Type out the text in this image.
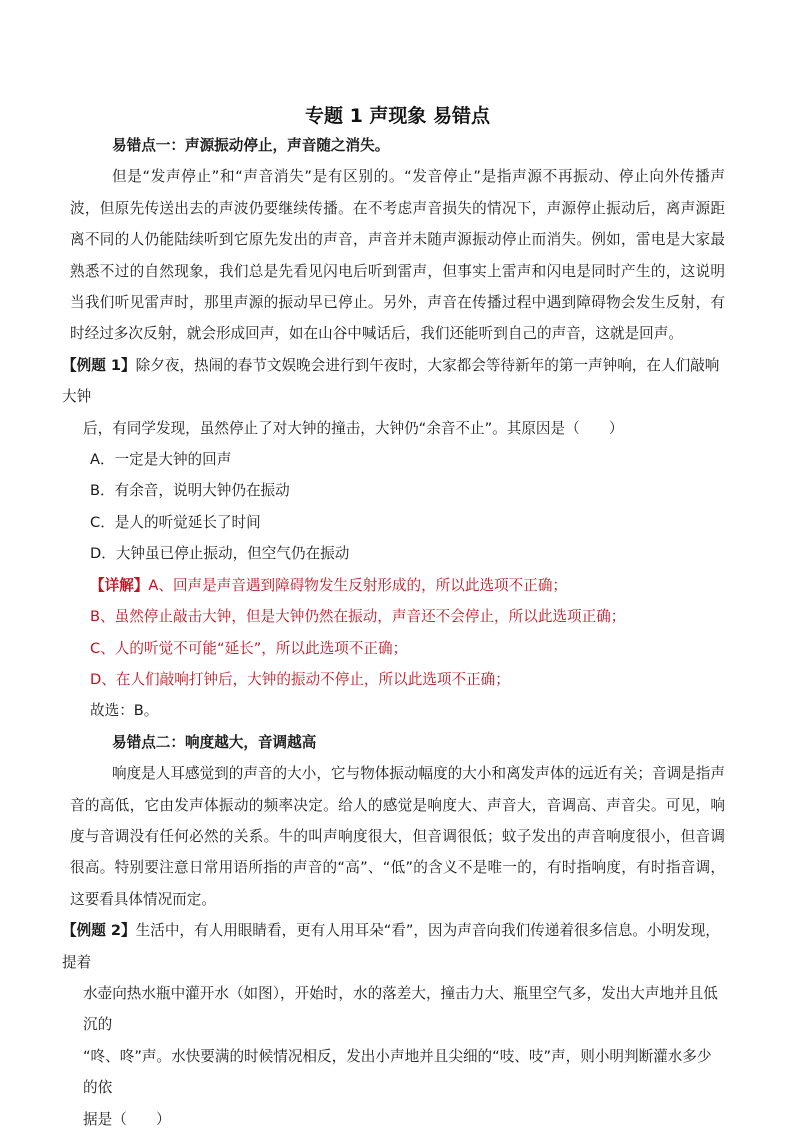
专题 1 声现象 易错点

易错点一：声源振动停止，声音随之消失。

但是“发声停止”和“声音消失”是有区别的。“发音停止”是指声源不再振动、停止向外传播声波，但原先传送出去的声波仍要继续传播。在不考虑声音损失的情况下，声源停止振动后，离声源距离不同的人仍能陆续听到它原先发出的声音，声音并未随声源振动停止而消失。例如，雷电是大家最熟悉不过的自然现象，我们总是先看见闪电后听到雷声，但事实上雷声和闪电是同时产生的，这说明当我们听见雷声时，那里声源的振动早已停止。另外，声音在传播过程中遇到障碍物会发生反射，有时经过多次反射，就会形成回声，如在山谷中喊话后，我们还能听到自己的声音，这就是回声。

【例题 1】除夕夜，热闹的春节文娱晚会进行到午夜时，大家都会等待新年的第一声钟响，在人们敲响大钟

后，有同学发现，虽然停止了对大钟的撞击，大钟仍“余音不止”。其原因是（　　）

A．一定是大钟的回声

B．有余音，说明大钟仍在振动

C．是人的听觉延长了时间

D．大钟虽已停止振动，但空气仍在振动

【详解】A、回声是声音遇到障碍物发生反射形成的，所以此选项不正确；

B、虽然停止敲击大钟，但是大钟仍然在振动，声音还不会停止，所以此选项正确；

C、人的听觉不可能“延长”，所以此选项不正确；

D、在人们敲响打钟后，大钟的振动不停止，所以此选项不正确；

故选：B。

易错点二：响度越大，音调越高

响度是人耳感觉到的声音的大小，它与物体振动幅度的大小和离发声体的远近有关；音调是指声音的高低，它由发声体振动的频率决定。给人的感觉是响度大、声音大，音调高、声音尖。可见，响度与音调没有任何必然的关系。牛的叫声响度很大，但音调很低；蚊子发出的声音响度很小，但音调很高。特别要注意日常用语所指的声音的“高”、“低”的含义不是唯一的，有时指响度，有时指音调，这要看具体情况而定。

【例题 2】生活中，有人用眼睛看，更有人用耳朵“看”，因为声音向我们传递着很多信息。小明发现，提着

水壶向热水瓶中灌开水（如图），开始时，水的落差大，撞击力大、瓶里空气多，发出大声地并且低沉的

“咚、咚”声。水快要满的时候情况相反，发出小声地并且尖细的“吱、吱”声，则小明判断灌水多少的依

据是（　　）
